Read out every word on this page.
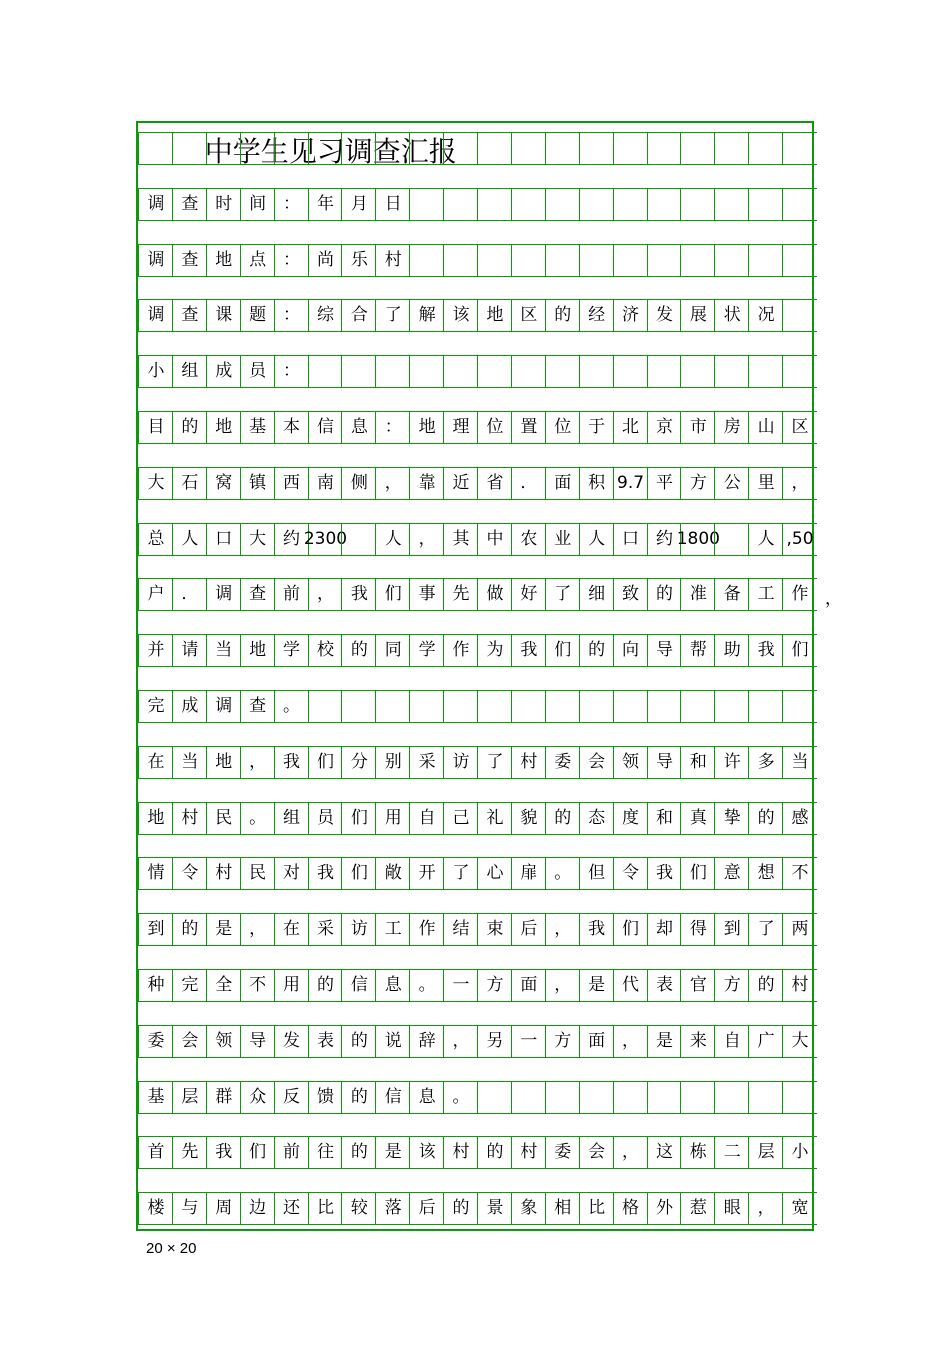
中学生见习调查汇报
调 查 时 间 ： 年 月 日
调 查 地 点 ： 尚 乐 村
调 查 课 题 ： 综 合 了 解 该 地 区 的 经 济 发 展 状 况
小 组 成 员 ：
目 的 地 基 本 信 息 ： 地 理 位 置 位 于 北 京 市 房 山 区
大 石 窝 镇 西 南 侧 ， 靠 近 省 ． 面 积 9.7 平 方 公 里 ，
总 人 口 大 约 2300 人 ， 其 中 农 业 人 口 约 1800 人 ,50
户 ． 调 查 前 ， 我 们 事 先 做 好 了 细 致 的 准 备 工 作
并 请 当 地 学 校 的 同 学 作 为 我 们 的 向 导 帮 助 我 们
完 成 调 查 。
在 当 地 ， 我 们 分 别 采 访 了 村 委 会 领 导 和 许 多 当
地 村 民 。 组 员 们 用 自 己 礼 貌 的 态 度 和 真 挚 的 感
情 令 村 民 对 我 们 敞 开 了 心 扉 。 但 令 我 们 意 想 不
到 的 是 ， 在 采 访 工 作 结 束 后 ， 我 们 却 得 到 了 两
种 完 全 不 用 的 信 息 。 一 方 面 ， 是 代 表 官 方 的 村
委 会 领 导 发 表 的 说 辞 ， 另 一 方 面 ， 是 来 自 广 大
基 层 群 众 反 馈 的 信 息 。
首 先 我 们 前 往 的 是 该 村 的 村 委 会 ， 这 栋 二 层 小
楼 与 周 边 还 比 较 落 后 的 景 象 相 比 格 外 惹 眼 ， 宽
，
20 × 20
